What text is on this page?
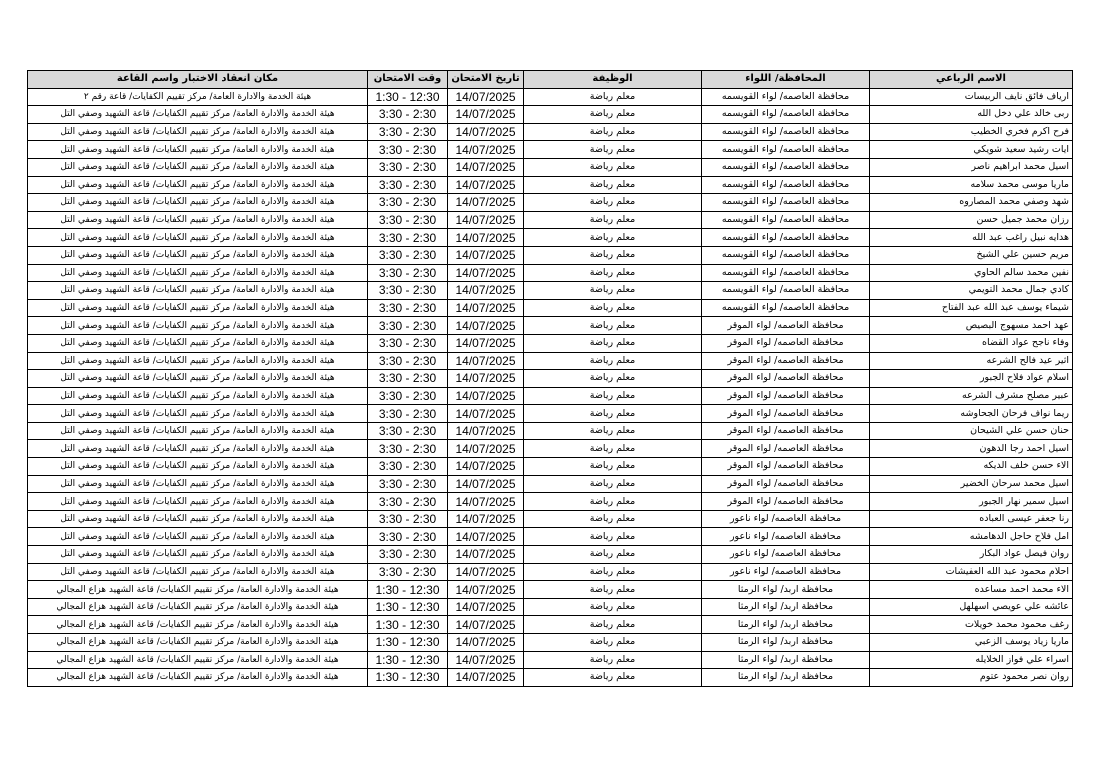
الاسم الرباعي	المحافظة/ اللواء	الوظيفة	تاريخ الامتحان	وقت الامتحان	مكان انعقاد الاختبار واسم القاعة
ارياف فائق نايف الربيسات	محافظة العاصمه/ لواء القويسمه	معلم رياضة	14/07/2025	1:30 - 12:30	هيئة الخدمة والادارة العامة/ مركز تقييم الكفايات/ قاعة رقم ٢
ربى خالد علي دخل الله	محافظة العاصمه/ لواء القويسمه	معلم رياضة	14/07/2025	3:30 - 2:30	هيئة الخدمة والادارة العامة/ مركز تقييم الكفايات/ قاعة الشهيد وصفي التل
فرح اكرم فخري الخطيب	محافظة العاصمه/ لواء القويسمه	معلم رياضة	14/07/2025	3:30 - 2:30	هيئة الخدمة والادارة العامة/ مركز تقييم الكفايات/ قاعة الشهيد وصفي التل
ايات رشيد سعيد شويكي	محافظة العاصمه/ لواء القويسمه	معلم رياضة	14/07/2025	3:30 - 2:30	هيئة الخدمة والادارة العامة/ مركز تقييم الكفايات/ قاعة الشهيد وصفي التل
اسيل محمد ابراهيم ناصر	محافظة العاصمه/ لواء القويسمه	معلم رياضة	14/07/2025	3:30 - 2:30	هيئة الخدمة والادارة العامة/ مركز تقييم الكفايات/ قاعة الشهيد وصفي التل
ماريا موسى محمد سلامه	محافظة العاصمه/ لواء القويسمه	معلم رياضة	14/07/2025	3:30 - 2:30	هيئة الخدمة والادارة العامة/ مركز تقييم الكفايات/ قاعة الشهيد وصفي التل
شهد وصفي محمد المصاروه	محافظة العاصمه/ لواء القويسمه	معلم رياضة	14/07/2025	3:30 - 2:30	هيئة الخدمة والادارة العامة/ مركز تقييم الكفايات/ قاعة الشهيد وصفي التل
رزان محمد جميل حسن	محافظة العاصمه/ لواء القويسمه	معلم رياضة	14/07/2025	3:30 - 2:30	هيئة الخدمة والادارة العامة/ مركز تقييم الكفايات/ قاعة الشهيد وصفي التل
هدايه نبيل راغب عبد الله	محافظة العاصمه/ لواء القويسمه	معلم رياضة	14/07/2025	3:30 - 2:30	هيئة الخدمة والادارة العامة/ مركز تقييم الكفايات/ قاعة الشهيد وصفي التل
مريم حسين علي الشيخ	محافظة العاصمه/ لواء القويسمه	معلم رياضة	14/07/2025	3:30 - 2:30	هيئة الخدمة والادارة العامة/ مركز تقييم الكفايات/ قاعة الشهيد وصفي التل
نفين محمد سالم الحاوي	محافظة العاصمه/ لواء القويسمه	معلم رياضة	14/07/2025	3:30 - 2:30	هيئة الخدمة والادارة العامة/ مركز تقييم الكفايات/ قاعة الشهيد وصفي التل
كادي جمال محمد التويمي	محافظة العاصمه/ لواء القويسمه	معلم رياضة	14/07/2025	3:30 - 2:30	هيئة الخدمة والادارة العامة/ مركز تقييم الكفايات/ قاعة الشهيد وصفي التل
شيماء يوسف عبد الله عبد الفتاح	محافظة العاصمه/ لواء القويسمه	معلم رياضة	14/07/2025	3:30 - 2:30	هيئة الخدمة والادارة العامة/ مركز تقييم الكفايات/ قاعة الشهيد وصفي التل
عهد احمد مسهوج البصيص	محافظة العاصمه/ لواء الموقر	معلم رياضة	14/07/2025	3:30 - 2:30	هيئة الخدمة والادارة العامة/ مركز تقييم الكفايات/ قاعة الشهيد وصفي التل
وفاء ناجح عواد القضاه	محافظة العاصمه/ لواء الموقر	معلم رياضة	14/07/2025	3:30 - 2:30	هيئة الخدمة والادارة العامة/ مركز تقييم الكفايات/ قاعة الشهيد وصفي التل
اثير عيد فالح الشرعه	محافظة العاصمه/ لواء الموقر	معلم رياضة	14/07/2025	3:30 - 2:30	هيئة الخدمة والادارة العامة/ مركز تقييم الكفايات/ قاعة الشهيد وصفي التل
اسلام عواد فلاح الجبور	محافظة العاصمه/ لواء الموقر	معلم رياضة	14/07/2025	3:30 - 2:30	هيئة الخدمة والادارة العامة/ مركز تقييم الكفايات/ قاعة الشهيد وصفي التل
عبير مصلح مشرف الشرعه	محافظة العاصمه/ لواء الموقر	معلم رياضة	14/07/2025	3:30 - 2:30	هيئة الخدمة والادارة العامة/ مركز تقييم الكفايات/ قاعة الشهيد وصفي التل
ريما نواف فرحان الجحاوشه	محافظة العاصمه/ لواء الموقر	معلم رياضة	14/07/2025	3:30 - 2:30	هيئة الخدمة والادارة العامة/ مركز تقييم الكفايات/ قاعة الشهيد وصفي التل
حنان حسن علي الشيحان	محافظة العاصمه/ لواء الموقر	معلم رياضة	14/07/2025	3:30 - 2:30	هيئة الخدمة والادارة العامة/ مركز تقييم الكفايات/ قاعة الشهيد وصفي التل
اسيل احمد رجا الدهون	محافظة العاصمه/ لواء الموقر	معلم رياضة	14/07/2025	3:30 - 2:30	هيئة الخدمة والادارة العامة/ مركز تقييم الكفايات/ قاعة الشهيد وصفي التل
الاء حسن خلف الديكه	محافظة العاصمه/ لواء الموقر	معلم رياضة	14/07/2025	3:30 - 2:30	هيئة الخدمة والادارة العامة/ مركز تقييم الكفايات/ قاعة الشهيد وصفي التل
اسيل محمد سرحان الخضير	محافظة العاصمه/ لواء الموقر	معلم رياضة	14/07/2025	3:30 - 2:30	هيئة الخدمة والادارة العامة/ مركز تقييم الكفايات/ قاعة الشهيد وصفي التل
اسيل سمير نهار الجبور	محافظة العاصمه/ لواء الموقر	معلم رياضة	14/07/2025	3:30 - 2:30	هيئة الخدمة والادارة العامة/ مركز تقييم الكفايات/ قاعة الشهيد وصفي التل
رنا جعفر عيسى العباده	محافظة العاصمه/ لواء ناعور	معلم رياضة	14/07/2025	3:30 - 2:30	هيئة الخدمة والادارة العامة/ مركز تقييم الكفايات/ قاعة الشهيد وصفي التل
امل فلاح حاجل الدهامشه	محافظة العاصمه/ لواء ناعور	معلم رياضة	14/07/2025	3:30 - 2:30	هيئة الخدمة والادارة العامة/ مركز تقييم الكفايات/ قاعة الشهيد وصفي التل
روان فيصل عواد البكار	محافظة العاصمه/ لواء ناعور	معلم رياضة	14/07/2025	3:30 - 2:30	هيئة الخدمة والادارة العامة/ مركز تقييم الكفايات/ قاعة الشهيد وصفي التل
احلام محمود عبد الله العفيشات	محافظة العاصمه/ لواء ناعور	معلم رياضة	14/07/2025	3:30 - 2:30	هيئة الخدمة والادارة العامة/ مركز تقييم الكفايات/ قاعة الشهيد وصفي التل
الاء محمد احمد مساعده	محافظة اربد/ لواء الرمثا	معلم رياضة	14/07/2025	1:30 - 12:30	هيئة الخدمة والادارة العامة/ مركز تقييم الكفايات/ قاعة الشهيد هزاع المجالي
عائشه علي عويصي اسهلهل	محافظة اربد/ لواء الرمثا	معلم رياضة	14/07/2025	1:30 - 12:30	هيئة الخدمة والادارة العامة/ مركز تقييم الكفايات/ قاعة الشهيد هزاع المجالي
رغف محمود محمد خويلات	محافظة اربد/ لواء الرمثا	معلم رياضة	14/07/2025	1:30 - 12:30	هيئة الخدمة والادارة العامة/ مركز تقييم الكفايات/ قاعة الشهيد هزاع المجالي
ماريا زياد يوسف الزعبي	محافظة اربد/ لواء الرمثا	معلم رياضة	14/07/2025	1:30 - 12:30	هيئة الخدمة والادارة العامة/ مركز تقييم الكفايات/ قاعة الشهيد هزاع المجالي
اسراء علي فواز الخلايله	محافظة اربد/ لواء الرمثا	معلم رياضة	14/07/2025	1:30 - 12:30	هيئة الخدمة والادارة العامة/ مركز تقييم الكفايات/ قاعة الشهيد هزاع المجالي
روان نصر محمود عتوم	محافظة اربد/ لواء الرمثا	معلم رياضة	14/07/2025	1:30 - 12:30	هيئة الخدمة والادارة العامة/ مركز تقييم الكفايات/ قاعة الشهيد هزاع المجالي
